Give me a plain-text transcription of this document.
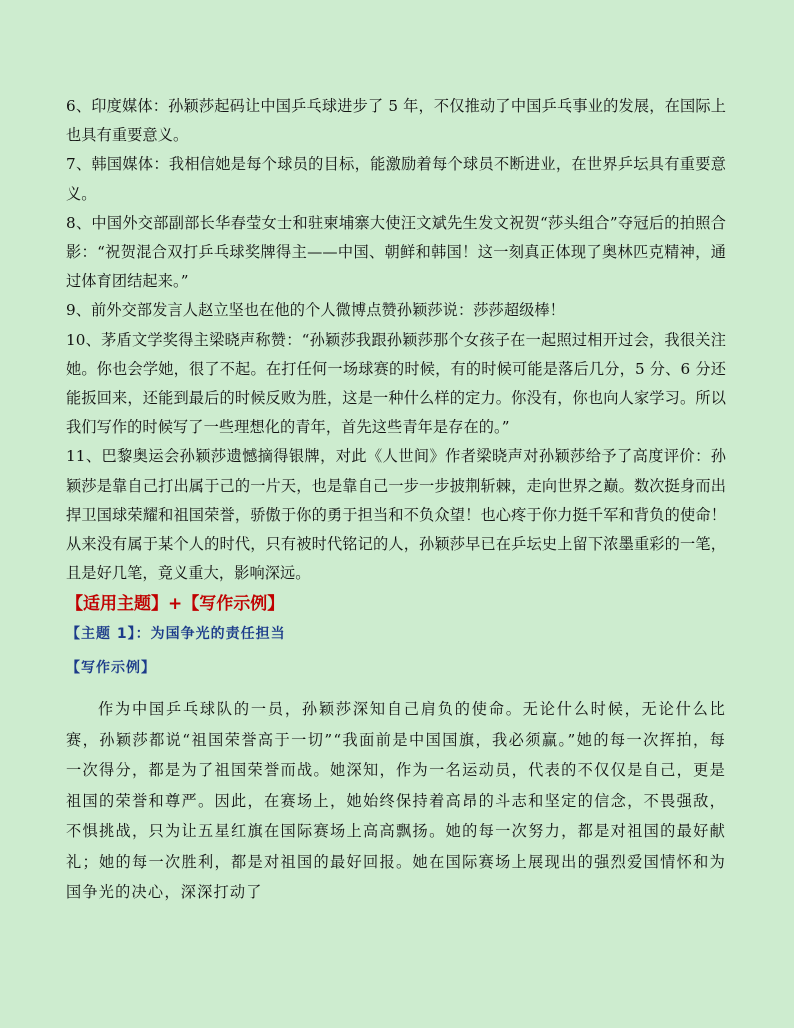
6、印度媒体：孙颖莎起码让中国乒乓球进步了 5 年，不仅推动了中国乒乓事业的发展，在国际上也具有重要意义。

7、韩国媒体：我相信她是每个球员的目标，能激励着每个球员不断进业，在世界乒坛具有重要意义。

8、中国外交部副部长华春莹女士和驻柬埔寨大使汪文斌先生发文祝贺“莎头组合”夺冠后的拍照合影：“祝贺混合双打乒乓球奖牌得主——中国、朝鲜和韩国！这一刻真正体现了奥林匹克精神，通过体育团结起来。”

9、前外交部发言人赵立坚也在他的个人微博点赞孙颖莎说：莎莎超级棒！

10、茅盾文学奖得主梁晓声称赞：“孙颖莎我跟孙颖莎那个女孩子在一起照过相开过会，我很关注她。你也会学她，很了不起。在打任何一场球赛的时候，有的时候可能是落后几分，5 分、6 分还能扳回来，还能到最后的时候反败为胜，这是一种什么样的定力。你没有，你也向人家学习。所以我们写作的时候写了一些理想化的青年，首先这些青年是存在的。”

11、巴黎奥运会孙颖莎遗憾摘得银牌，对此《人世间》作者梁晓声对孙颖莎给予了高度评价：孙颖莎是靠自己打出属于己的一片天，也是靠自己一步一步披荆斩棘，走向世界之巅。数次挺身而出捍卫国球荣耀和祖国荣誉，骄傲于你的勇于担当和不负众望！也心疼于你力挺千军和背负的使命！从来没有属于某个人的时代，只有被时代铭记的人，孙颖莎早已在乒坛史上留下浓墨重彩的一笔，且是好几笔，竟义重大，影响深远。

【适用主题】+【写作示例】
【主题 1】：为国争光的责任担当
【写作示例】

作为中国乒乓球队的一员，孙颖莎深知自己肩负的使命。无论什么时候，无论什么比赛，孙颖莎都说“祖国荣誉高于一切”“我面前是中国国旗，我必须赢。”她的每一次挥拍，每一次得分，都是为了祖国荣誉而战。她深知，作为一名运动员，代表的不仅仅是自己，更是祖国的荣誉和尊严。因此，在赛场上，她始终保持着高昂的斗志和坚定的信念，不畏强敌，不惧挑战，只为让五星红旗在国际赛场上高高飘扬。她的每一次努力，都是对祖国的最好献礼；她的每一次胜利，都是对祖国的最好回报。她在国际赛场上展现出的强烈爱国情怀和为国争光的决心，深深打动了
